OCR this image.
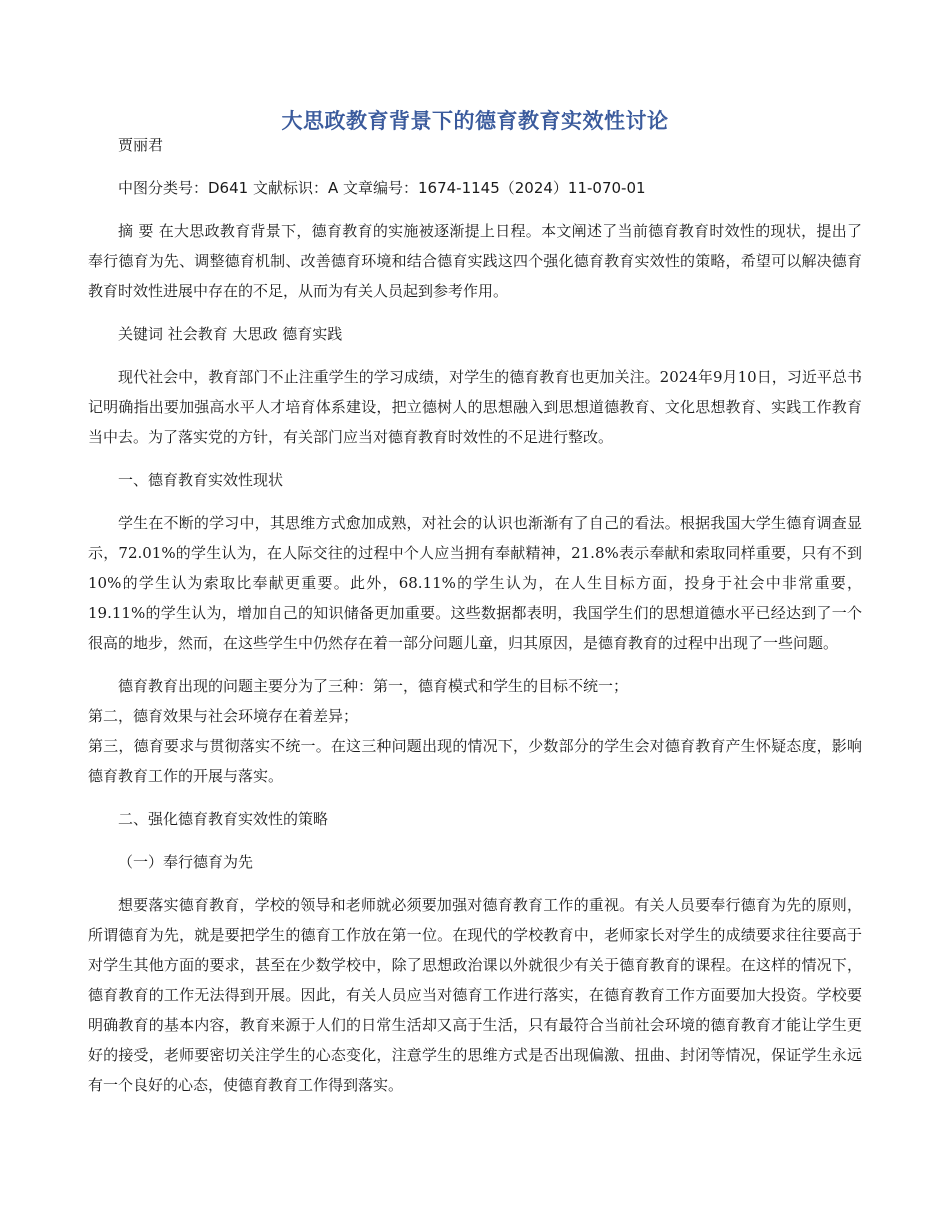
大思政教育背景下的德育教育实效性讨论

贾丽君

中图分类号：D641 文献标识：A 文章编号：1674-1145（2024）11-070-01

摘 要 在大思政教育背景下，德育教育的实施被逐渐提上日程。本文阐述了当前德育教育时效性的现状，提出了奉行德育为先、调整德育机制、改善德育环境和结合德育实践这四个强化德育教育实效性的策略，希望可以解决德育教育时效性进展中存在的不足，从而为有关人员起到参考作用。

关键词 社会教育 大思政 德育实践

现代社会中，教育部门不止注重学生的学习成绩，对学生的德育教育也更加关注。2024年9月10日，习近平总书记明确指出要加强高水平人才培育体系建设，把立德树人的思想融入到思想道德教育、文化思想教育、实践工作教育当中去。为了落实党的方针，有关部门应当对德育教育时效性的不足进行整改。

一、德育教育实效性现状

学生在不断的学习中，其思维方式愈加成熟，对社会的认识也渐渐有了自己的看法。根据我国大学生德育调查显示，72.01%的学生认为，在人际交往的过程中个人应当拥有奉献精神，21.8%表示奉献和索取同样重要，只有不到10%的学生认为索取比奉献更重要。此外，68.11%的学生认为，在人生目标方面，投身于社会中非常重要，19.11%的学生认为，增加自己的知识储备更加重要。这些数据都表明，我国学生们的思想道德水平已经达到了一个很高的地步，然而，在这些学生中仍然存在着一部分问题儿童，归其原因，是德育教育的过程中出现了一些问题。

德育教育出现的问题主要分为了三种：第一，德育模式和学生的目标不统一；

第二，德育效果与社会环境存在着差异；

第三，德育要求与贯彻落实不统一。在这三种问题出现的情况下，少数部分的学生会对德育教育产生怀疑态度，影响德育教育工作的开展与落实。

二、强化德育教育实效性的策略

（一）奉行德育为先

想要落实德育教育，学校的领导和老师就必须要加强对德育教育工作的重视。有关人员要奉行德育为先的原则，所谓德育为先，就是要把学生的德育工作放在第一位。在现代的学校教育中，老师家长对学生的成绩要求往往要高于对学生其他方面的要求，甚至在少数学校中，除了思想政治课以外就很少有关于德育教育的课程。在这样的情况下，德育教育的工作无法得到开展。因此，有关人员应当对德育工作进行落实，在德育教育工作方面要加大投资。学校要明确教育的基本内容，教育来源于人们的日常生活却又高于生活，只有最符合当前社会环境的德育教育才能让学生更好的接受，老师要密切关注学生的心态变化，注意学生的思维方式是否出现偏激、扭曲、封闭等情况，保证学生永远有一个良好的心态，使德育教育工作得到落实。
